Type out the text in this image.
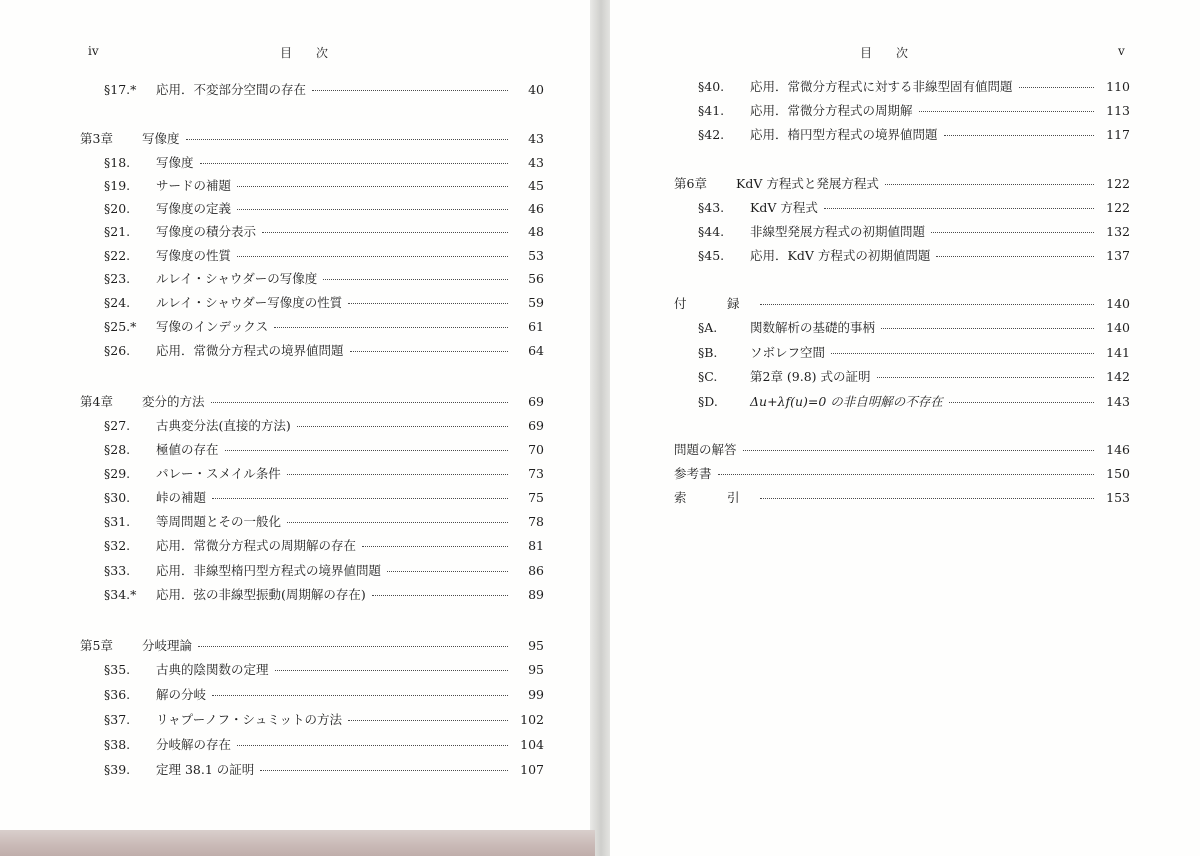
iv	目　　次
§17.*	応用．不変部分空間の存在	40
第3章	写像度	43
§18.	写像度	43
§19.	サードの補題	45
§20.	写像度の定義	46
§21.	写像度の積分表示	48
§22.	写像度の性質	53
§23.	ルレイ・シャウダーの写像度	56
§24.	ルレイ・シャウダー写像度の性質	59
§25.*	写像のインデックス	61
§26.	応用．常微分方程式の境界値問題	64
第4章	変分的方法	69
§27.	古典変分法(直接的方法)	69
§28.	極値の存在	70
§29.	パレー・スメイル条件	73
§30.	峠の補題	75
§31.	等周問題とその一般化	78
§32.	応用．常微分方程式の周期解の存在	81
§33.	応用．非線型楕円型方程式の境界値問題	86
§34.*	応用．弦の非線型振動(周期解の存在)	89
第5章	分岐理論	95
§35.	古典的陰関数の定理	95
§36.	解の分岐	99
§37.	リャプーノフ・シュミットの方法	102
§38.	分岐解の存在	104
§39.	定理 38.1 の証明	107
目　　次	v
§40.	応用．常微分方程式に対する非線型固有値問題	110
§41.	応用．常微分方程式の周期解	113
§42.	応用．楕円型方程式の境界値問題	117
第6章	KdV 方程式と発展方程式	122
§43.	KdV 方程式	122
§44.	非線型発展方程式の初期値問題	132
§45.	応用．KdV 方程式の初期値問題	137
付　録	140
§A.	関数解析の基礎的事柄	140
§B.	ソボレフ空間	141
§C.	第2章 (9.8) 式の証明	142
§D.	Δu+λf(u)=0 の非自明解の不存在	143
問題の解答	146
参考書	150
索　引	153
